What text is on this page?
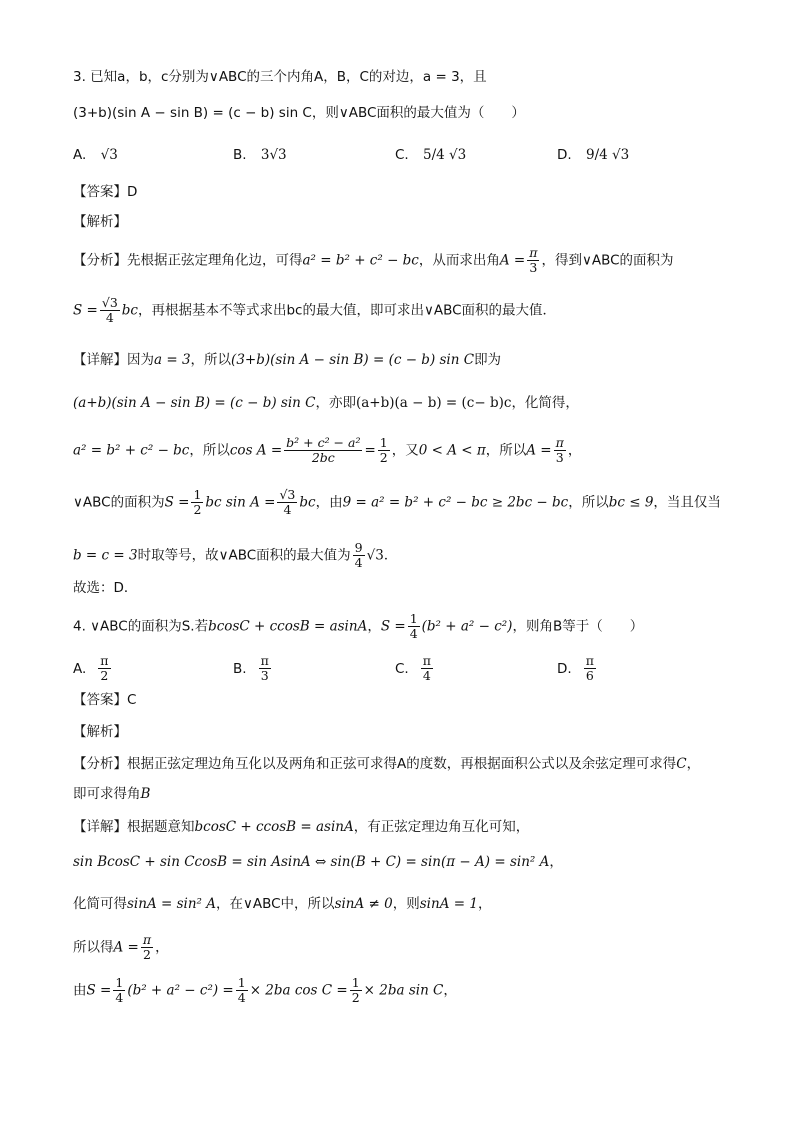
3. 已知a，b，c分别为∨ABC的三个内角A，B，C的对边，a = 3，且
(3+b)(sin A − sin B) = (c − b) sin C，则∨ABC面积的最大值为（　　）
A. √3	B. 3√3	C. 5/4 √3	D. 9/4 √3
【答案】D
【解析】
【分析】先根据正弦定理角化边，可得a² = b² + c² − bc，从而求出角$A = \frac{\pi}{3}$ ，得到∨ABC的面积为
$S = \frac{√3}{4}$ bc，再根据基本不等式求出bc的最大值，即可求出∨ABC面积的最大值．
【详解】因为a = 3，所以(3+b)(sin A − sin B) = (c − b) sin C即为
(a+b)(sin A − sin B) = (c − b) sin C，亦即(a+b)(a − b) = (c− b)c，化简得，
a² = b² + c² − bc，所以$\cos A = \frac{\text{b² + c² − a²}}{2bc} = \frac{1}{2}$ ，又0 < A < π，所以$A = \frac{\pi}{3}$ ，
∨ABC的面积为$S = \frac{1}{2}$ bc $\sin A = \frac{√3}{4}$ bc，由9 = a² = b² + c² − bc ≥ 2bc − bc，所以bc ≤ 9，当且仅当
b = c = 3时取等号，故∨ABC面积的最大值为 $\frac{9}{4} √3$．
故选：D．
4. ∨ABC的面积为S.若bcosC + ccosB = asinA，$S = \frac{1}{4} (b^2 + a^2 - c^2)$，则角B等于（　　）
A. $\frac{\pi}{2}$	B. $\frac{\pi}{3}$	C. $\frac{\pi}{4}$	D. $\frac{\pi}{6}$
【答案】C
【解析】
【分析】根据正弦定理边角互化以及两角和正弦可求得A的度数，再根据面积公式以及余弦定理可求得C，
即可求得角B
【详解】根据题意知bcosC + ccosB = asinA，有正弦定理边角互化可知，
sin BcosC + sin CcosB = sin AsinA ⇔ sin(B + C) = sin(π − A) = sin² A，
化简可得sinA = sin² A，在∨ABC中，所以sinA ≠ 0，则sinA = 1，
所以得$A = \frac{\pi}{2}$ ，
由$S = \frac{1}{4} (b^2 + a^2 - c^2) = \frac{1}{4} \times 2ba$ $\cos C = \frac{1}{2} \times 2ba$ sin C，
